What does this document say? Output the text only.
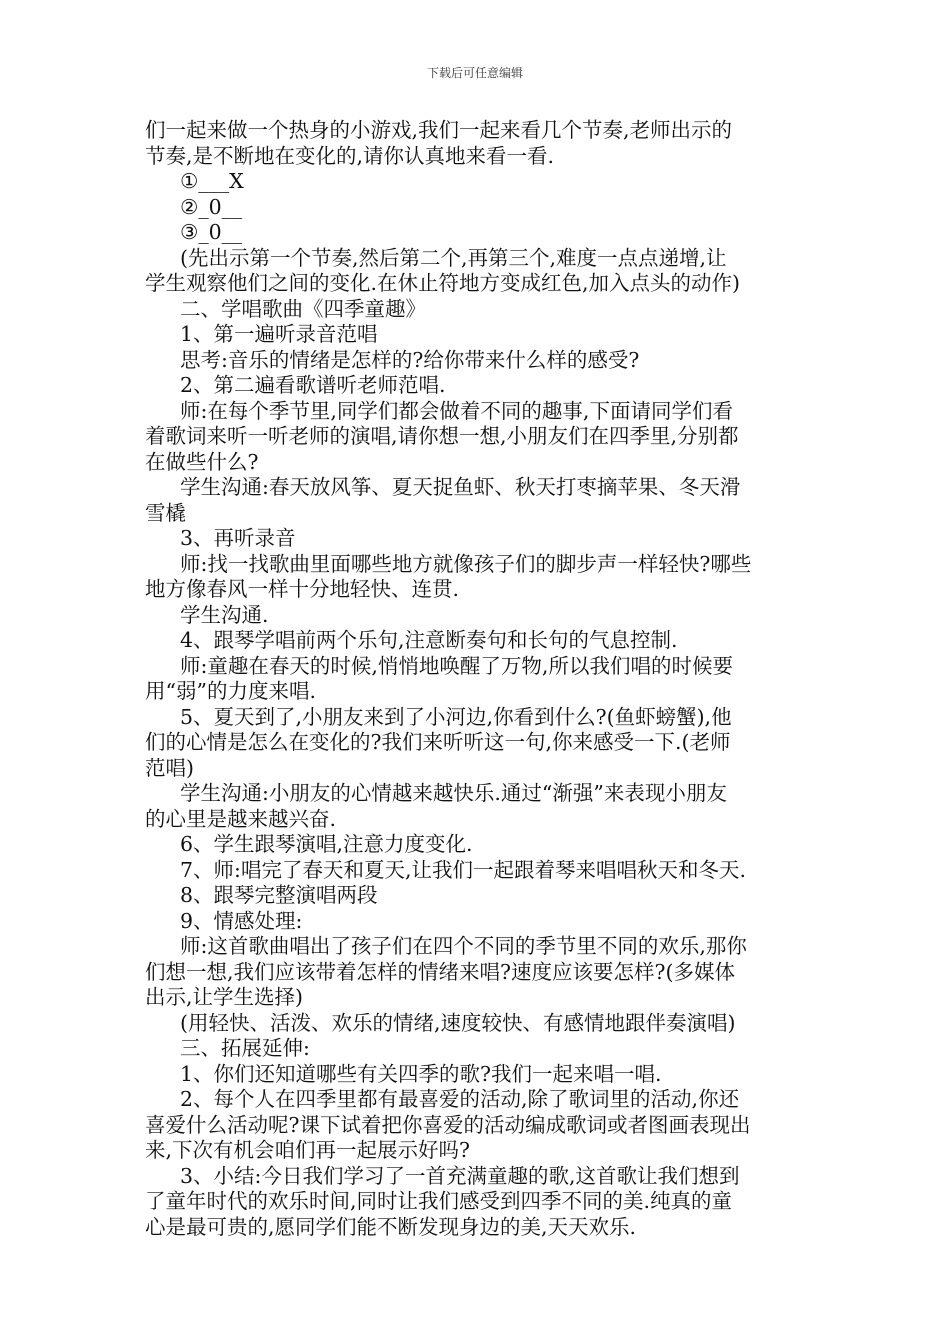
下载后可任意编辑

们一起来做一个热身的小游戏,我们一起来看几个节奏,老师出示的

节奏,是不断地在变化的,请你认真地来看一看.

①___X

②_0__

③_0__

(先出示第一个节奏,然后第二个,再第三个,难度一点点递增,让

学生观察他们之间的变化.在休止符地方变成红色,加入点头的动作)

二、学唱歌曲《四季童趣》

1、第一遍听录音范唱

思考:音乐的情绪是怎样的?给你带来什么样的感受?

2、第二遍看歌谱听老师范唱.

师:在每个季节里,同学们都会做着不同的趣事,下面请同学们看

着歌词来听一听老师的演唱,请你想一想,小朋友们在四季里,分别都

在做些什么?

学生沟通:春天放风筝、夏天捉鱼虾、秋天打枣摘苹果、冬天滑

雪橇

3、再听录音

师:找一找歌曲里面哪些地方就像孩子们的脚步声一样轻快?哪些

地方像春风一样十分地轻快、连贯.

学生沟通.

4、跟琴学唱前两个乐句,注意断奏句和长句的气息控制.

师:童趣在春天的时候,悄悄地唤醒了万物,所以我们唱的时候要

用“弱”的力度来唱.

5、夏天到了,小朋友来到了小河边,你看到什么?(鱼虾螃蟹),他

们的心情是怎么在变化的?我们来听听这一句,你来感受一下.(老师

范唱)

学生沟通:小朋友的心情越来越快乐.通过“渐强”来表现小朋友

的心里是越来越兴奋.

6、学生跟琴演唱,注意力度变化.

7、师:唱完了春天和夏天,让我们一起跟着琴来唱唱秋天和冬天.

8、跟琴完整演唱两段

9、情感处理:

师:这首歌曲唱出了孩子们在四个不同的季节里不同的欢乐,那你

们想一想,我们应该带着怎样的情绪来唱?速度应该要怎样?(多媒体

出示,让学生选择)

(用轻快、活泼、欢乐的情绪,速度较快、有感情地跟伴奏演唱)

三、拓展延伸:

1、你们还知道哪些有关四季的歌?我们一起来唱一唱.

2、每个人在四季里都有最喜爱的活动,除了歌词里的活动,你还

喜爱什么活动呢?课下试着把你喜爱的活动编成歌词或者图画表现出

来,下次有机会咱们再一起展示好吗?

3、小结:今日我们学习了一首充满童趣的歌,这首歌让我们想到

了童年时代的欢乐时间,同时让我们感受到四季不同的美.纯真的童

心是最可贵的,愿同学们能不断发现身边的美,天天欢乐.
